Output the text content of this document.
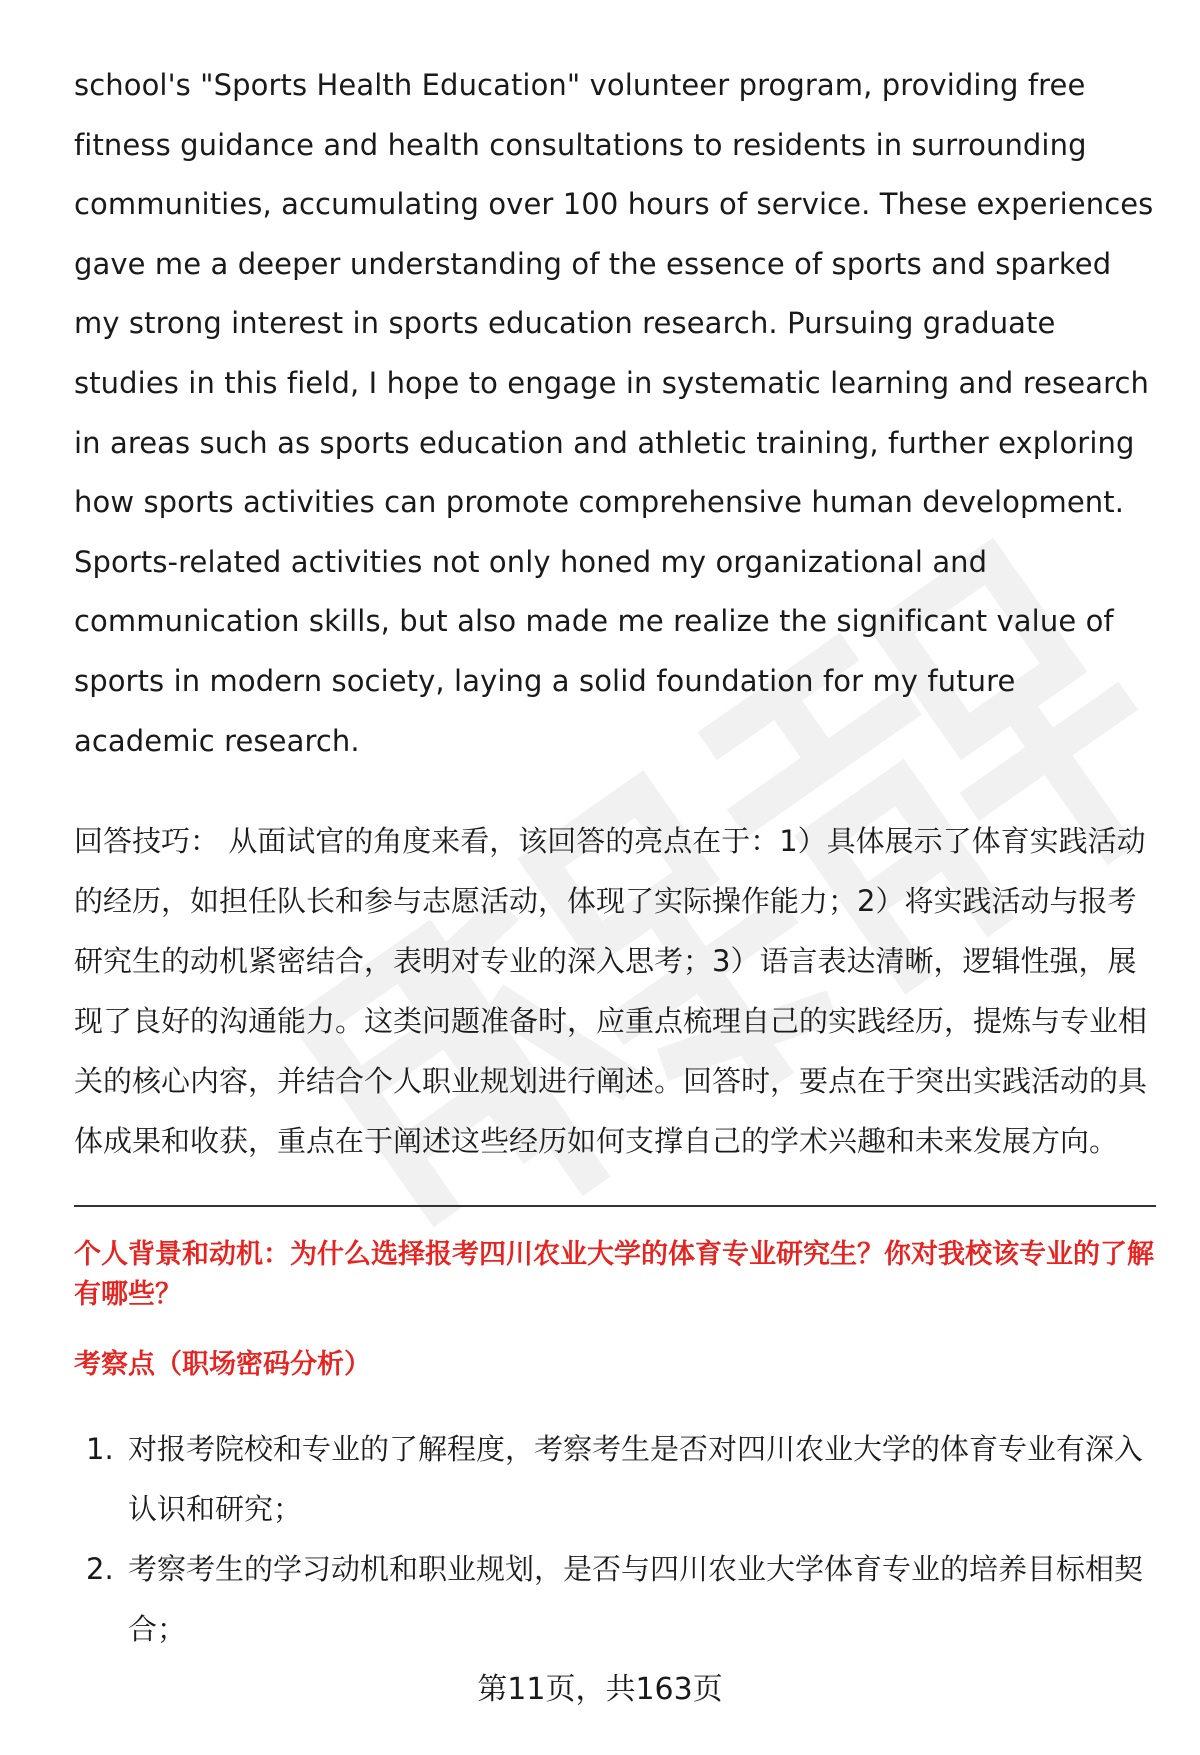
school's "Sports Health Education" volunteer program, providing free fitness guidance and health consultations to residents in surrounding communities, accumulating over 100 hours of service. These experiences gave me a deeper understanding of the essence of sports and sparked my strong interest in sports education research. Pursuing graduate studies in this field, I hope to engage in systematic learning and research in areas such as sports education and athletic training, further exploring how sports activities can promote comprehensive human development. Sports-related activities not only honed my organizational and communication skills, but also made me realize the significant value of sports in modern society, laying a solid foundation for my future academic research.

回答技巧： 从面试官的角度来看，该回答的亮点在于：1）具体展示了体育实践活动的经历，如担任队长和参与志愿活动，体现了实际操作能力；2）将实践活动与报考研究生的动机紧密结合，表明对专业的深入思考；3）语言表达清晰，逻辑性强，展现了良好的沟通能力。这类问题准备时，应重点梳理自己的实践经历，提炼与专业相关的核心内容，并结合个人职业规划进行阐述。回答时，要点在于突出实践活动的具体成果和收获，重点在于阐述这些经历如何支撑自己的学术兴趣和未来发展方向。

个人背景和动机：为什么选择报考四川农业大学的体育专业研究生？你对我校该专业的了解有哪些？
考察点（职场密码分析）
1. 对报考院校和专业的了解程度，考察考生是否对四川农业大学的体育专业有深入认识和研究；
2. 考察考生的学习动机和职业规划，是否与四川农业大学体育专业的培养目标相契合；
第11页，共163页
